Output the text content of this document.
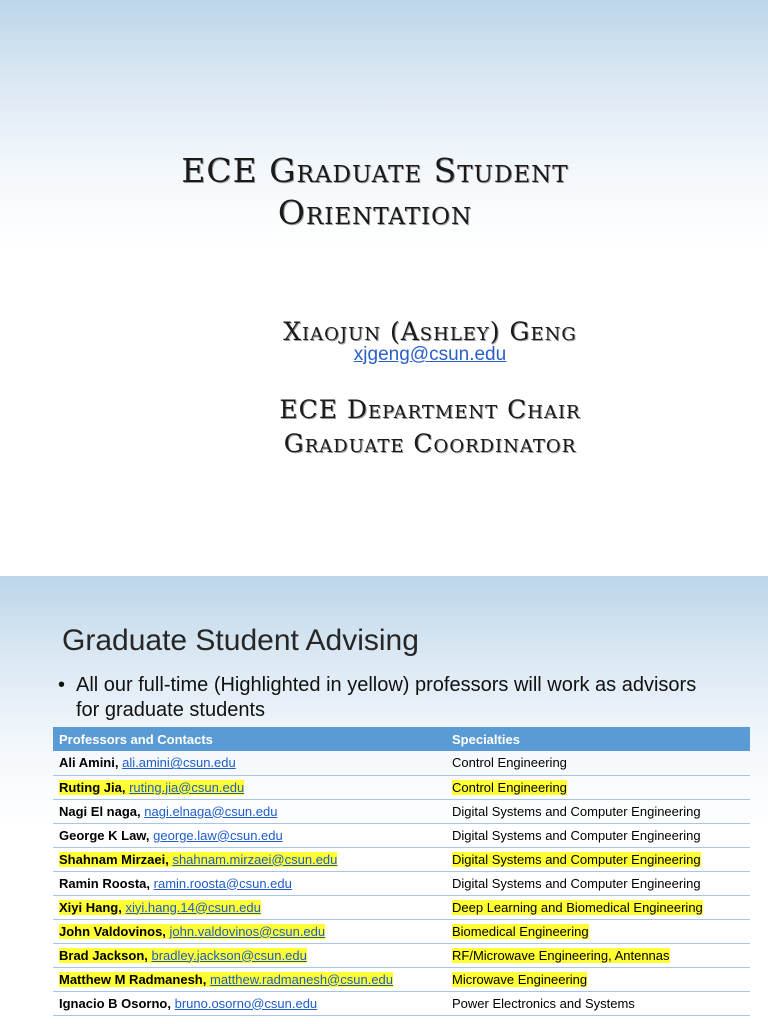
ECE Graduate Student
Orientation
Xiaojun (Ashley) Geng
xjgeng@csun.edu
ECE Department Chair
Graduate Coordinator
Graduate Student Advising
• All our full-time (Highlighted in yellow) professors will work as advisors
for graduate students
Professors and Contacts	Specialties
Ali Amini, ali.amini@csun.edu	Control Engineering
Ruting Jia, ruting.jia@csun.edu	Control Engineering
Nagi El naga, nagi.elnaga@csun.edu	Digital Systems and Computer Engineering
George K Law, george.law@csun.edu	Digital Systems and Computer Engineering
Shahnam Mirzaei, shahnam.mirzaei@csun.edu	Digital Systems and Computer Engineering
Ramin Roosta, ramin.roosta@csun.edu	Digital Systems and Computer Engineering
Xiyi Hang, xiyi.hang.14@csun.edu	Deep Learning and Biomedical Engineering
John Valdovinos, john.valdovinos@csun.edu	Biomedical Engineering
Brad Jackson, bradley.jackson@csun.edu	RF/Microwave Engineering, Antennas
Matthew M Radmanesh, matthew.radmanesh@csun.edu	Microwave Engineering
Ignacio B Osorno, bruno.osorno@csun.edu	Power Electronics and Systems
